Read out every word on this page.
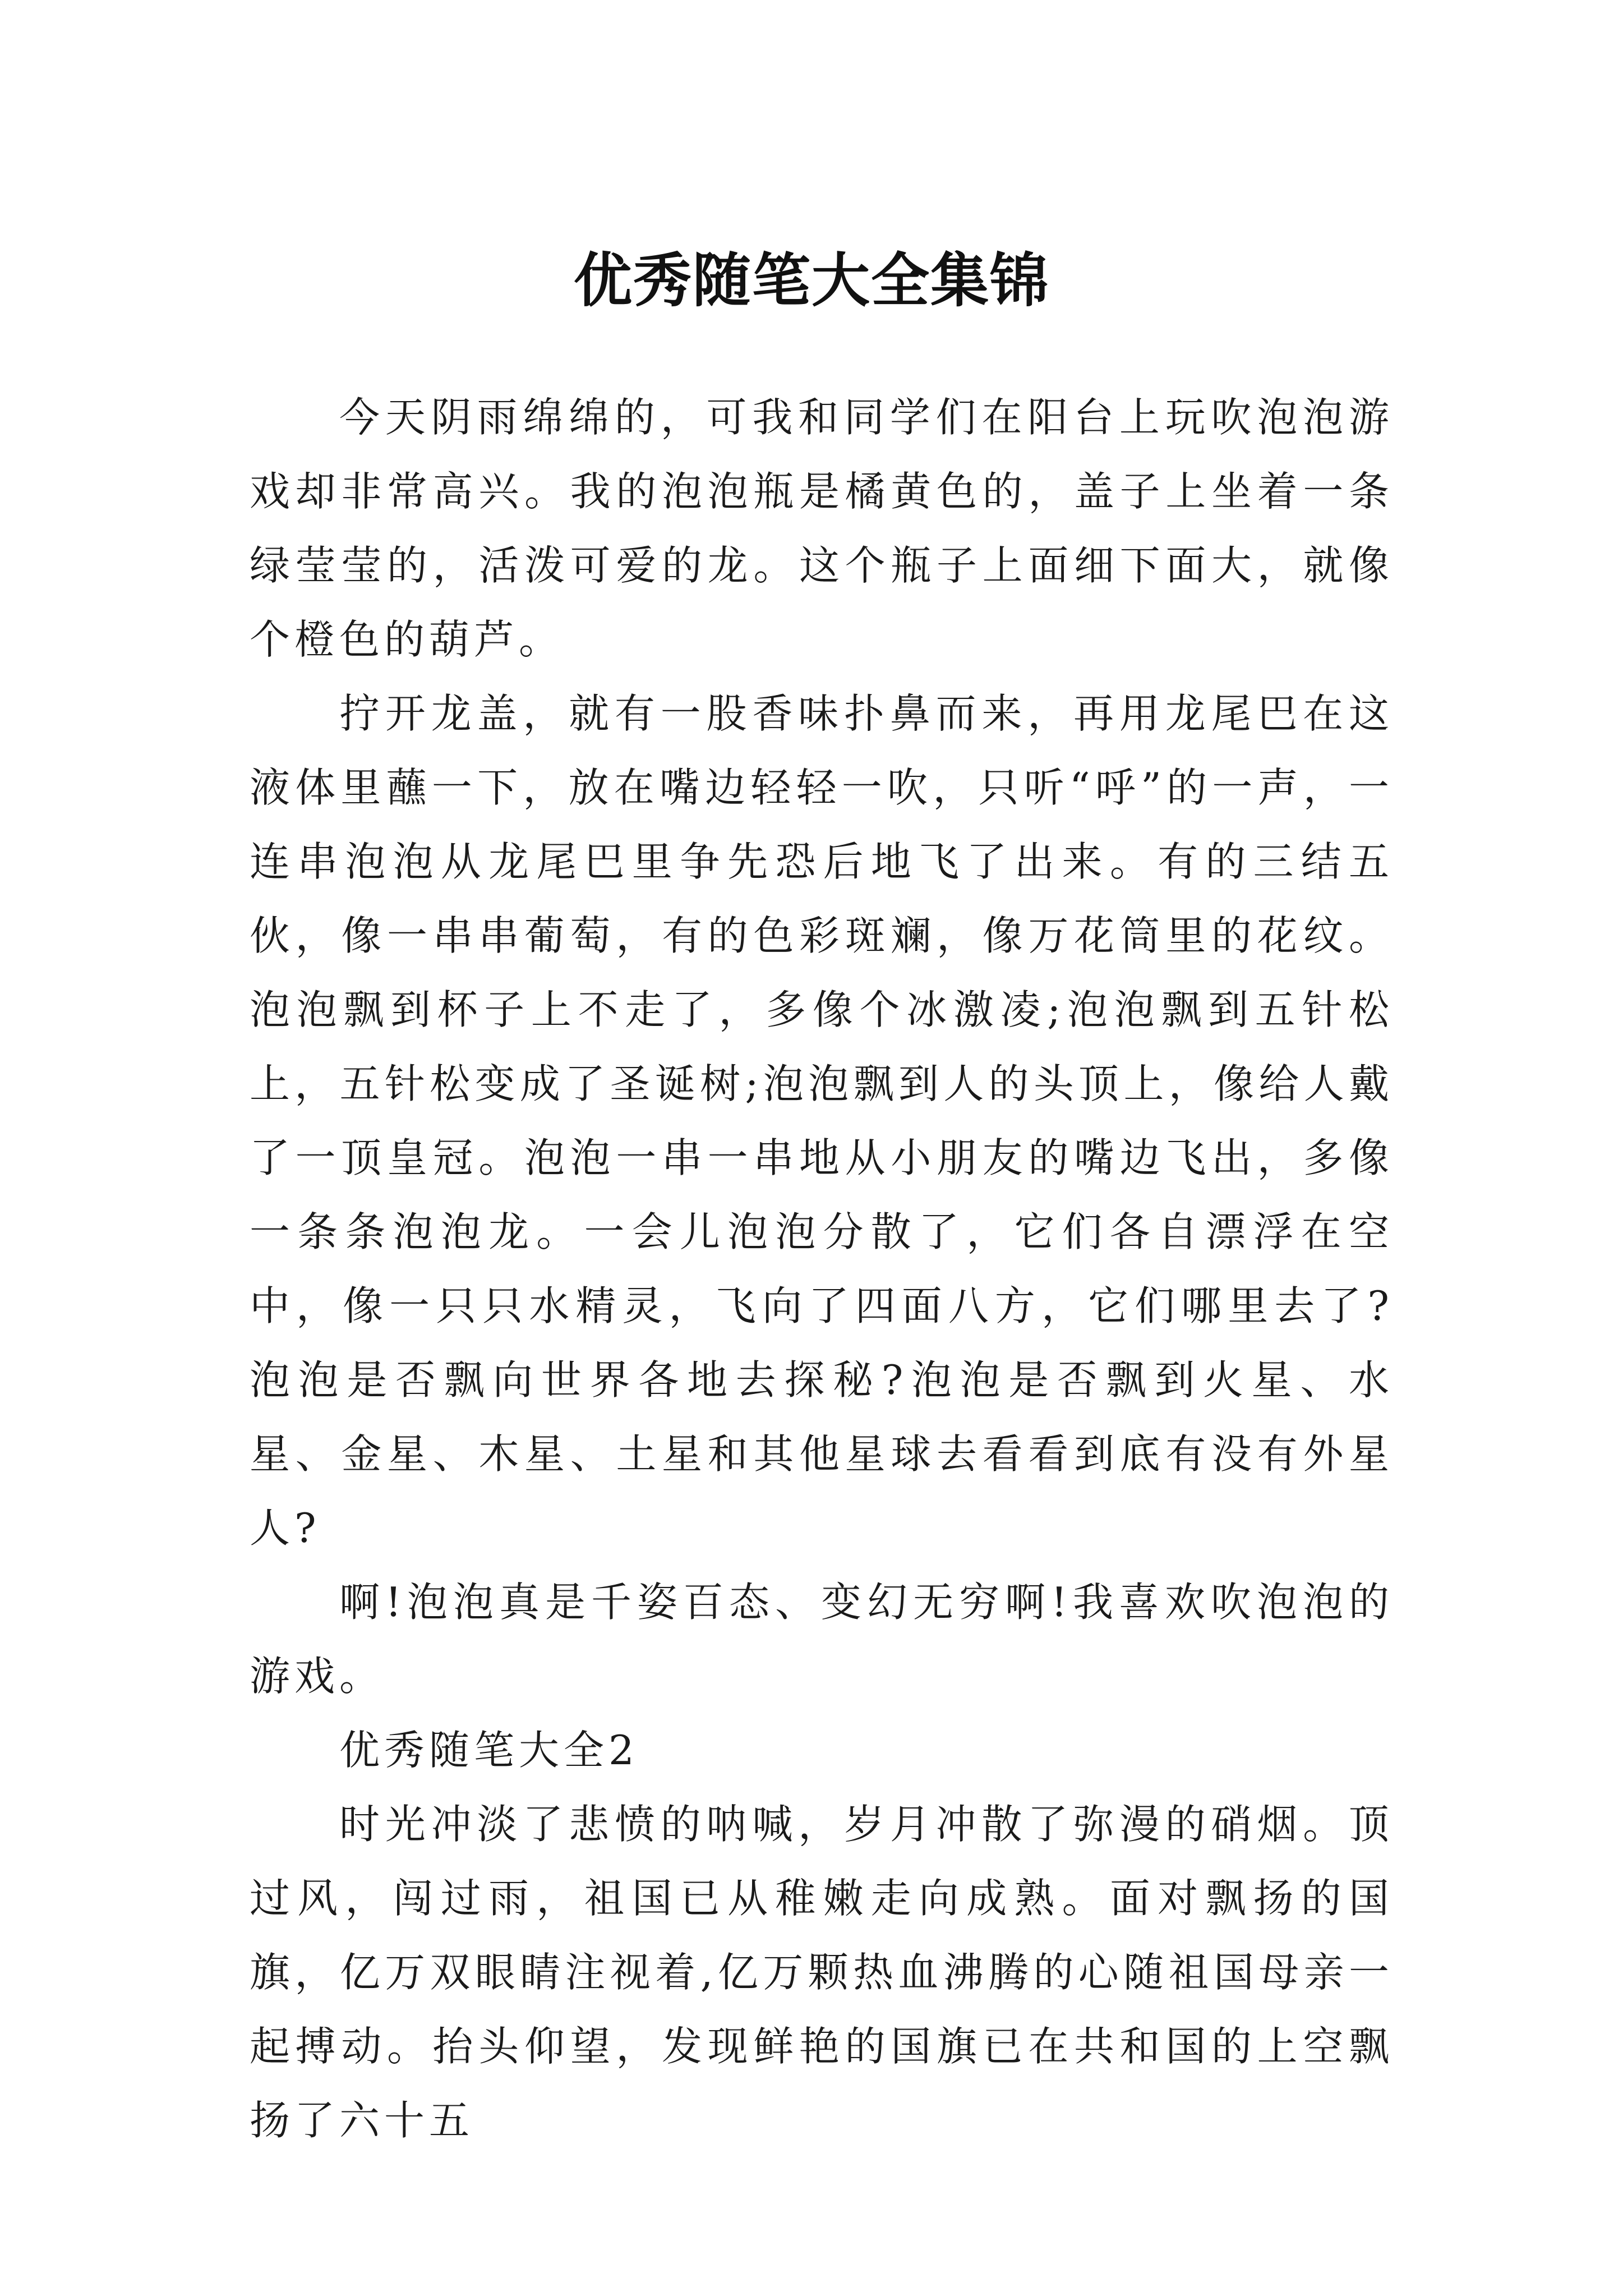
优秀随笔大全集锦

今天阴雨绵绵的，可我和同学们在阳台上玩吹泡泡游戏却非常高兴。我的泡泡瓶是橘黄色的，盖子上坐着一条绿莹莹的，活泼可爱的龙。这个瓶子上面细下面大，就像个橙色的葫芦。

拧开龙盖，就有一股香味扑鼻而来，再用龙尾巴在这液体里蘸一下，放在嘴边轻轻一吹，只听“呼”的一声，一连串泡泡从龙尾巴里争先恐后地飞了出来。有的三结五伙，像一串串葡萄，有的色彩斑斓，像万花筒里的花纹。泡泡飘到杯子上不走了，多像个冰激凌;泡泡飘到五针松上，五针松变成了圣诞树;泡泡飘到人的头顶上，像给人戴了一顶皇冠。泡泡一串一串地从小朋友的嘴边飞出，多像一条条泡泡龙。一会儿泡泡分散了，它们各自漂浮在空中，像一只只水精灵，飞向了四面八方，它们哪里去了?泡泡是否飘向世界各地去探秘?泡泡是否飘到火星、水星、金星、木星、土星和其他星球去看看到底有没有外星人?

啊!泡泡真是千姿百态、变幻无穷啊!我喜欢吹泡泡的游戏。

优秀随笔大全2

时光冲淡了悲愤的呐喊，岁月冲散了弥漫的硝烟。顶过风，闯过雨，祖国已从稚嫩走向成熟。面对飘扬的国旗，亿万双眼睛注视着,亿万颗热血沸腾的心随祖国母亲一起搏动。抬头仰望，发现鲜艳的国旗已在共和国的上空飘扬了六十五
